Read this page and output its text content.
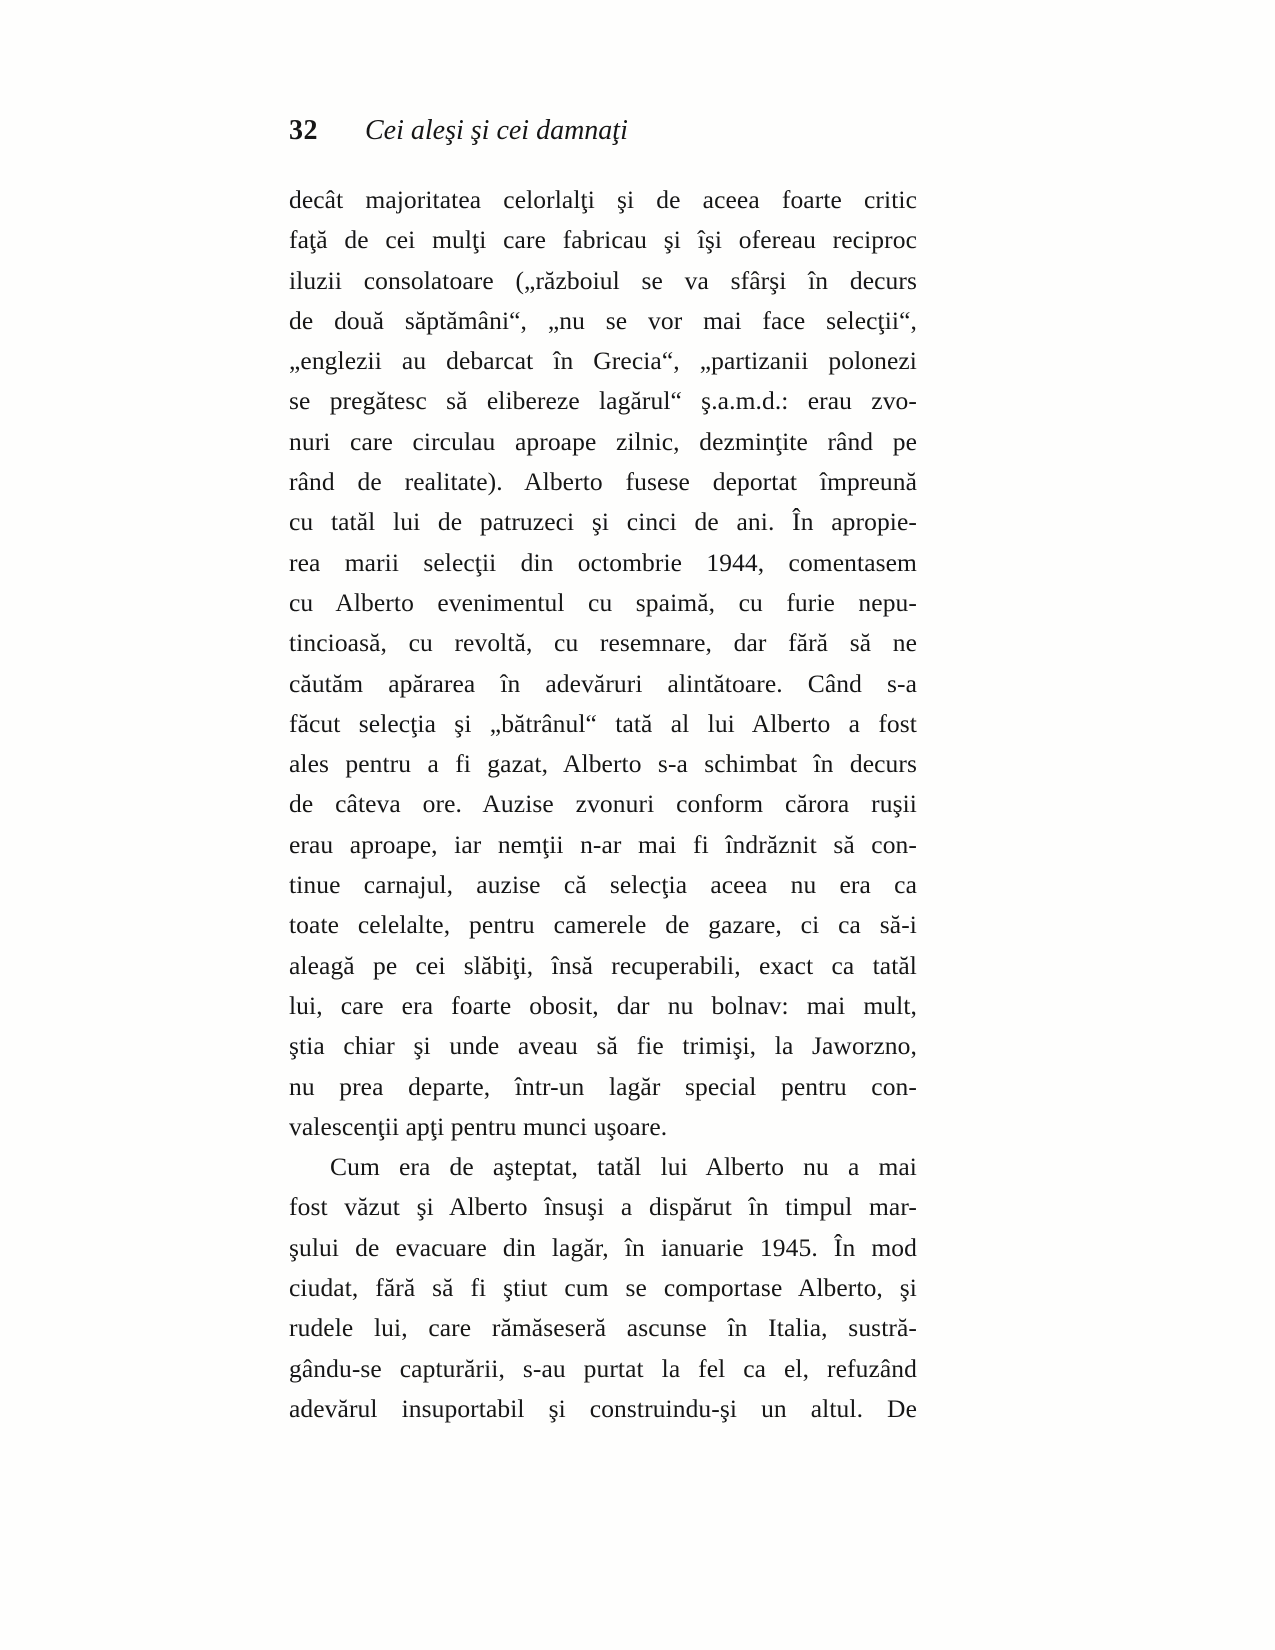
32	Cei aleşi şi cei damnaţi
decât majoritatea celorlalţi şi de aceea foarte critic
faţă de cei mulţi care fabricau şi îşi ofereau reciproc
iluzii consolatoare („războiul se va sfârşi în decurs
de două săptămâni“, „nu se vor mai face selecţii“,
„englezii au debarcat în Grecia“, „partizanii polonezi
se pregătesc să elibereze lagărul“ ş.a.m.d.: erau zvo-
nuri care circulau aproape zilnic, dezminţite rând pe
rând de realitate). Alberto fusese deportat împreună
cu tatăl lui de patruzeci şi cinci de ani. În apropie-
rea marii selecţii din octombrie 1944, comentasem
cu Alberto evenimentul cu spaimă, cu furie nepu-
tincioasă, cu revoltă, cu resemnare, dar fără să ne
căutăm apărarea în adevăruri alintătoare. Când s-a
făcut selecţia şi „bătrânul“ tată al lui Alberto a fost
ales pentru a fi gazat, Alberto s-a schimbat în decurs
de câteva ore. Auzise zvonuri conform cărora ruşii
erau aproape, iar nemţii n-ar mai fi îndrăznit să con-
tinue carnajul, auzise că selecţia aceea nu era ca
toate celelalte, pentru camerele de gazare, ci ca să-i
aleagă pe cei slăbiţi, însă recuperabili, exact ca tatăl
lui, care era foarte obosit, dar nu bolnav: mai mult,
ştia chiar şi unde aveau să fie trimişi, la Jaworzno,
nu prea departe, într-un lagăr special pentru con-
valescenţii apţi pentru munci uşoare.
Cum era de aşteptat, tatăl lui Alberto nu a mai
fost văzut şi Alberto însuşi a dispărut în timpul mar-
şului de evacuare din lagăr, în ianuarie 1945. În mod
ciudat, fără să fi ştiut cum se comportase Alberto, şi
rudele lui, care rămăseseră ascunse în Italia, sustră-
gându-se capturării, s-au purtat la fel ca el, refuzând
adevărul insuportabil şi construindu-şi un altul. De
